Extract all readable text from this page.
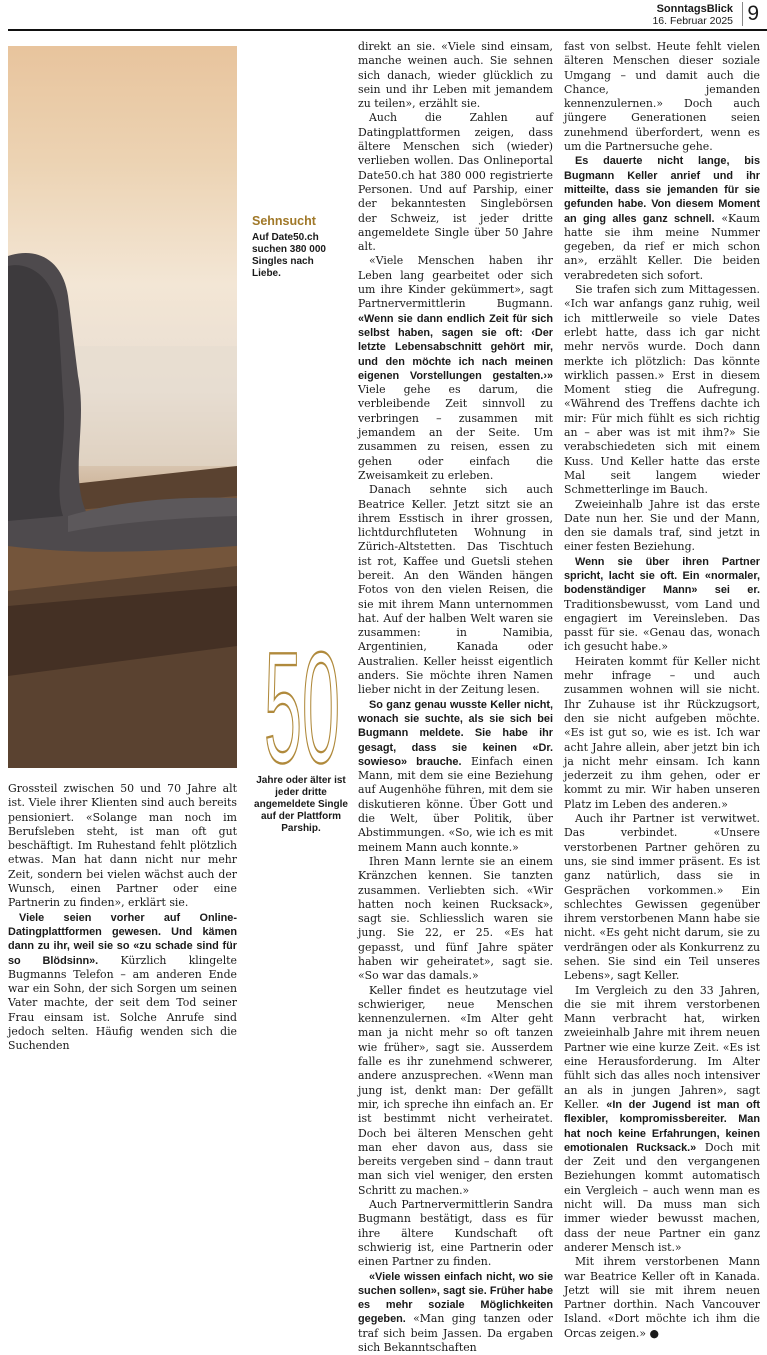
SonntagsBlick
16. Februar 2025 9
Sehnsucht
Auf Date50.ch suchen 380 000 Singles nach Liebe.
50
Jahre oder älter ist jeder dritte angemeldete Single auf der Plattform Parship.

Grossteil zwischen 50 und 70 Jahre alt ist. Viele ihrer Klienten sind auch bereits pensioniert. «Solange man noch im Berufsleben steht, ist man oft gut beschäftigt. Im Ruhestand fehlt plötzlich etwas. Man hat dann nicht nur mehr Zeit, sondern bei vielen wächst auch der Wunsch, einen Partner oder eine Partnerin zu finden», erklärt sie.

Viele seien vorher auf Online-Datingplattformen gewesen. Und kämen dann zu ihr, weil sie so «zu schade sind für so Blödsinn». Kürzlich klingelte Bugmanns Telefon – am anderen Ende war ein Sohn, der sich Sorgen um seinen Vater machte, der seit dem Tod seiner Frau einsam ist. Solche Anrufe sind jedoch selten. Häufig wenden sich die Suchenden

direkt an sie. «Viele sind einsam, manche weinen auch. Sie sehnen sich danach, wieder glücklich zu sein und ihr Leben mit jemandem zu teilen», erzählt sie.

Auch die Zahlen auf Datingplattformen zeigen, dass ältere Menschen sich (wieder) verlieben wollen. Das Onlineportal Date50.ch hat 380 000 registrierte Personen. Und auf Parship, einer der bekanntesten Singlebörsen der Schweiz, ist jeder dritte angemeldete Single über 50 Jahre alt.

«Viele Menschen haben ihr Leben lang gearbeitet oder sich um ihre Kinder gekümmert», sagt Partnervermittlerin Bugmann. «Wenn sie dann endlich Zeit für sich selbst haben, sagen sie oft: ‹Der letzte Lebensabschnitt gehört mir, und den möchte ich nach meinen eigenen Vorstellungen gestalten.›» Viele gehe es darum, die verbleibende Zeit sinnvoll zu verbringen – zusammen mit jemandem an der Seite. Um zusammen zu reisen, essen zu gehen oder einfach die Zweisamkeit zu erleben.

Danach sehnte sich auch Beatrice Keller. Jetzt sitzt sie an ihrem Esstisch in ihrer grossen, lichtdurchfluteten Wohnung in Zürich-Altstetten. Das Tischtuch ist rot, Kaffee und Guetsli stehen bereit. An den Wänden hängen Fotos von den vielen Reisen, die sie mit ihrem Mann unternommen hat. Auf der halben Welt waren sie zusammen: in Namibia, Argentinien, Kanada oder Australien. Keller heisst eigentlich anders. Sie möchte ihren Namen lieber nicht in der Zeitung lesen.

So ganz genau wusste Keller nicht, wonach sie suchte, als sie sich bei Bugmann meldete. Sie habe ihr gesagt, dass sie keinen «Dr. sowieso» brauche. Einfach einen Mann, mit dem sie eine Beziehung auf Augenhöhe führen, mit dem sie diskutieren könne. Über Gott und die Welt, über Politik, über Abstimmungen. «So, wie ich es mit meinem Mann auch konnte.»

Ihren Mann lernte sie an einem Kränzchen kennen. Sie tanzten zusammen. Verliebten sich. «Wir hatten noch keinen Rucksack», sagt sie. Schliesslich waren sie jung. Sie 22, er 25. «Es hat gepasst, und fünf Jahre später haben wir geheiratet», sagt sie. «So war das damals.»

Keller findet es heutzutage viel schwieriger, neue Menschen kennenzulernen. «Im Alter geht man ja nicht mehr so oft tanzen wie früher», sagt sie. Ausserdem falle es ihr zunehmend schwerer, andere anzusprechen. «Wenn man jung ist, denkt man: Der gefällt mir, ich spreche ihn einfach an. Er ist bestimmt nicht verheiratet. Doch bei älteren Menschen geht man eher davon aus, dass sie bereits vergeben sind – dann traut man sich viel weniger, den ersten Schritt zu machen.»

Auch Partnervermittlerin Sandra Bugmann bestätigt, dass es für ihre ältere Kundschaft oft schwierig ist, eine Partnerin oder einen Partner zu finden.

«Viele wissen einfach nicht, wo sie suchen sollen», sagt sie. Früher habe es mehr soziale Möglichkeiten gegeben. «Man ging tanzen oder traf sich beim Jassen. Da ergaben sich Bekanntschaften

fast von selbst. Heute fehlt vielen älteren Menschen dieser soziale Umgang – und damit auch die Chance, jemanden kennenzulernen.» Doch auch jüngere Generationen seien zunehmend überfordert, wenn es um die Partnersuche gehe.

Es dauerte nicht lange, bis Bugmann Keller anrief und ihr mitteilte, dass sie jemanden für sie gefunden habe. Von diesem Moment an ging alles ganz schnell. «Kaum hatte sie ihm meine Nummer gegeben, da rief er mich schon an», erzählt Keller. Die beiden verabredeten sich sofort.

Sie trafen sich zum Mittagessen. «Ich war anfangs ganz ruhig, weil ich mittlerweile so viele Dates erlebt hatte, dass ich gar nicht mehr nervös wurde. Doch dann merkte ich plötzlich: Das könnte wirklich passen.» Erst in diesem Moment stieg die Aufregung. «Während des Treffens dachte ich mir: Für mich fühlt es sich richtig an – aber was ist mit ihm?» Sie verabschiedeten sich mit einem Kuss. Und Keller hatte das erste Mal seit langem wieder Schmetterlinge im Bauch.

Zweieinhalb Jahre ist das erste Date nun her. Sie und der Mann, den sie damals traf, sind jetzt in einer festen Beziehung.

Wenn sie über ihren Partner spricht, lacht sie oft. Ein «normaler, bodenständiger Mann» sei er. Traditionsbewusst, vom Land und engagiert im Vereinsleben. Das passt für sie. «Genau das, wonach ich gesucht habe.»

Heiraten kommt für Keller nicht mehr infrage – und auch zusammen wohnen will sie nicht. Ihr Zuhause ist ihr Rückzugsort, den sie nicht aufgeben möchte. «Es ist gut so, wie es ist. Ich war acht Jahre allein, aber jetzt bin ich ja nicht mehr einsam. Ich kann jederzeit zu ihm gehen, oder er kommt zu mir. Wir haben unseren Platz im Leben des anderen.»

Auch ihr Partner ist verwitwet. Das verbindet. «Unsere verstorbenen Partner gehören zu uns, sie sind immer präsent. Es ist ganz natürlich, dass sie in Gesprächen vorkommen.» Ein schlechtes Gewissen gegenüber ihrem verstorbenen Mann habe sie nicht. «Es geht nicht darum, sie zu verdrängen oder als Konkurrenz zu sehen. Sie sind ein Teil unseres Lebens», sagt Keller.

Im Vergleich zu den 33 Jahren, die sie mit ihrem verstorbenen Mann verbracht hat, wirken zweieinhalb Jahre mit ihrem neuen Partner wie eine kurze Zeit. «Es ist eine Herausforderung. Im Alter fühlt sich das alles noch intensiver an als in jungen Jahren», sagt Keller. «In der Jugend ist man oft flexibler, kompromissbereiter. Man hat noch keine Erfahrungen, keinen emotionalen Rucksack.» Doch mit der Zeit und den vergangenen Beziehungen kommt automatisch ein Vergleich – auch wenn man es nicht will. Da muss man sich immer wieder bewusst machen, dass der neue Partner ein ganz anderer Mensch ist.»

Mit ihrem verstorbenen Mann war Beatrice Keller oft in Kanada. Jetzt will sie mit ihrem neuen Partner dorthin. Nach Vancouver Island. «Dort möchte ich ihm die Orcas zeigen.» ●
